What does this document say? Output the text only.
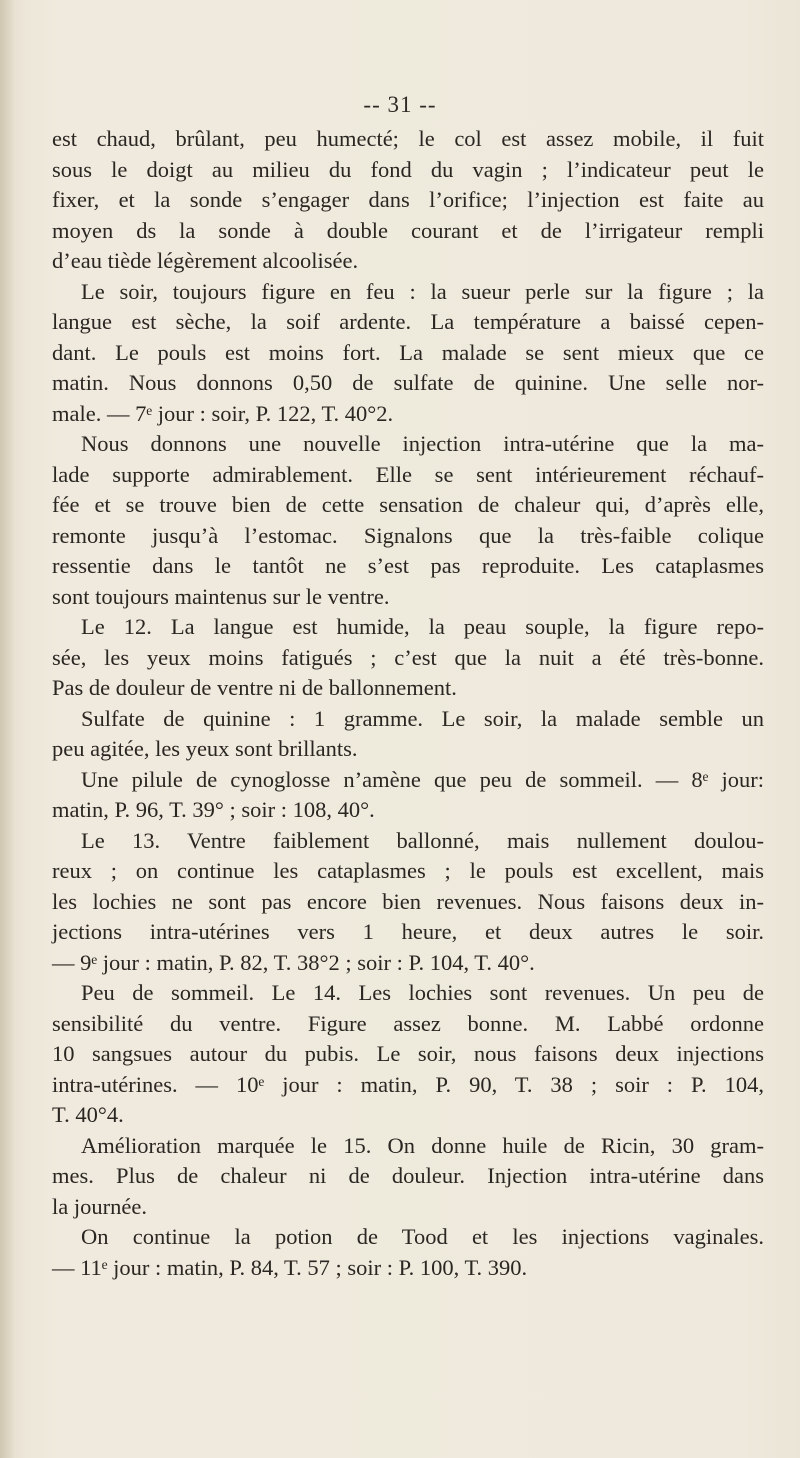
-- 31 --
est chaud, brûlant, peu humecté; le col est assez mobile, il fuit
sous le doigt au milieu du fond du vagin ; l’indicateur peut le
fixer, et la sonde s’engager dans l’orifice; l’injection est faite au
moyen ds la sonde à double courant et de l’irrigateur rempli
d’eau tiède légèrement alcoolisée.
Le soir, toujours figure en feu : la sueur perle sur la figure ; la
langue est sèche, la soif ardente. La température a baissé cepen-
dant. Le pouls est moins fort. La malade se sent mieux que ce
matin. Nous donnons 0,50 de sulfate de quinine. Une selle nor-
male. — 7ᵉ jour : soir, P. 122, T. 40°2.
Nous donnons une nouvelle injection intra-utérine que la ma-
lade supporte admirablement. Elle se sent intérieurement réchauf-
fée et se trouve bien de cette sensation de chaleur qui, d’après elle,
remonte jusqu’à l’estomac. Signalons que la très-faible colique
ressentie dans le tantôt ne s’est pas reproduite. Les cataplasmes
sont toujours maintenus sur le ventre.
Le 12. La langue est humide, la peau souple, la figure repo-
sée, les yeux moins fatigués ; c’est que la nuit a été très-bonne.
Pas de douleur de ventre ni de ballonnement.
Sulfate de quinine : 1 gramme. Le soir, la malade semble un
peu agitée, les yeux sont brillants.
Une pilule de cynoglosse n’amène que peu de sommeil. — 8ᵉ jour:
matin, P. 96, T. 39° ; soir : 108, 40°.
Le 13. Ventre faiblement ballonné, mais nullement doulou-
reux ; on continue les cataplasmes ; le pouls est excellent, mais
les lochies ne sont pas encore bien revenues. Nous faisons deux in-
jections intra-utérines vers 1 heure, et deux autres le soir.
— 9ᵉ jour : matin, P. 82, T. 38°2 ; soir : P. 104, T. 40°.
Peu de sommeil. Le 14. Les lochies sont revenues. Un peu de
sensibilité du ventre. Figure assez bonne. M. Labbé ordonne
10 sangsues autour du pubis. Le soir, nous faisons deux injections
intra-utérines. — 10ᵉ jour : matin, P. 90, T. 38 ; soir : P. 104,
T. 40°4.
Amélioration marquée le 15. On donne huile de Ricin, 30 gram-
mes. Plus de chaleur ni de douleur. Injection intra-utérine dans
la journée.
On continue la potion de Tood et les injections vaginales.
— 11ᵉ jour : matin, P. 84, T. 57 ; soir : P. 100, T. 390.
